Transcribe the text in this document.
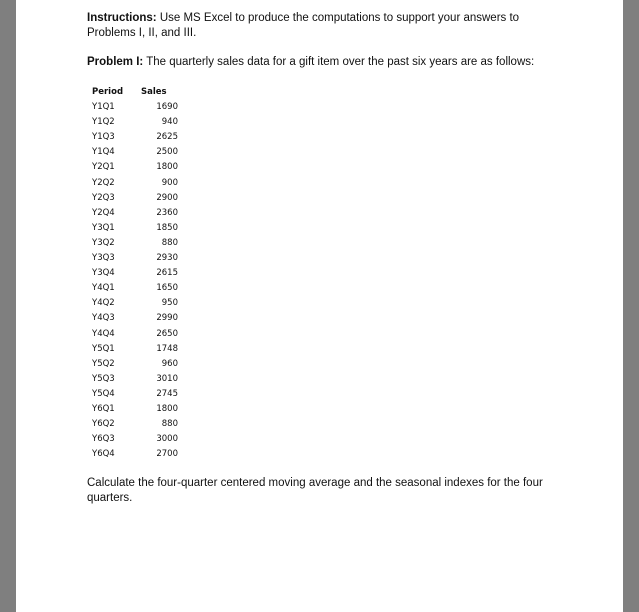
Instructions: Use MS Excel to produce the computations to support your answers to Problems I, II, and III.
Problem I: The quarterly sales data for a gift item over the past six years are as follows:
Period Sales
Y1Q1	1690
Y1Q2	940
Y1Q3	2625
Y1Q4	2500
Y2Q1	1800
Y2Q2	900
Y2Q3	2900
Y2Q4	2360
Y3Q1	1850
Y3Q2	880
Y3Q3	2930
Y3Q4	2615
Y4Q1	1650
Y4Q2	950
Y4Q3	2990
Y4Q4	2650
Y5Q1	1748
Y5Q2	960
Y5Q3	3010
Y5Q4	2745
Y6Q1	1800
Y6Q2	880
Y6Q3	3000
Y6Q4	2700
Calculate the four-quarter centered moving average and the seasonal indexes for the four quarters.
